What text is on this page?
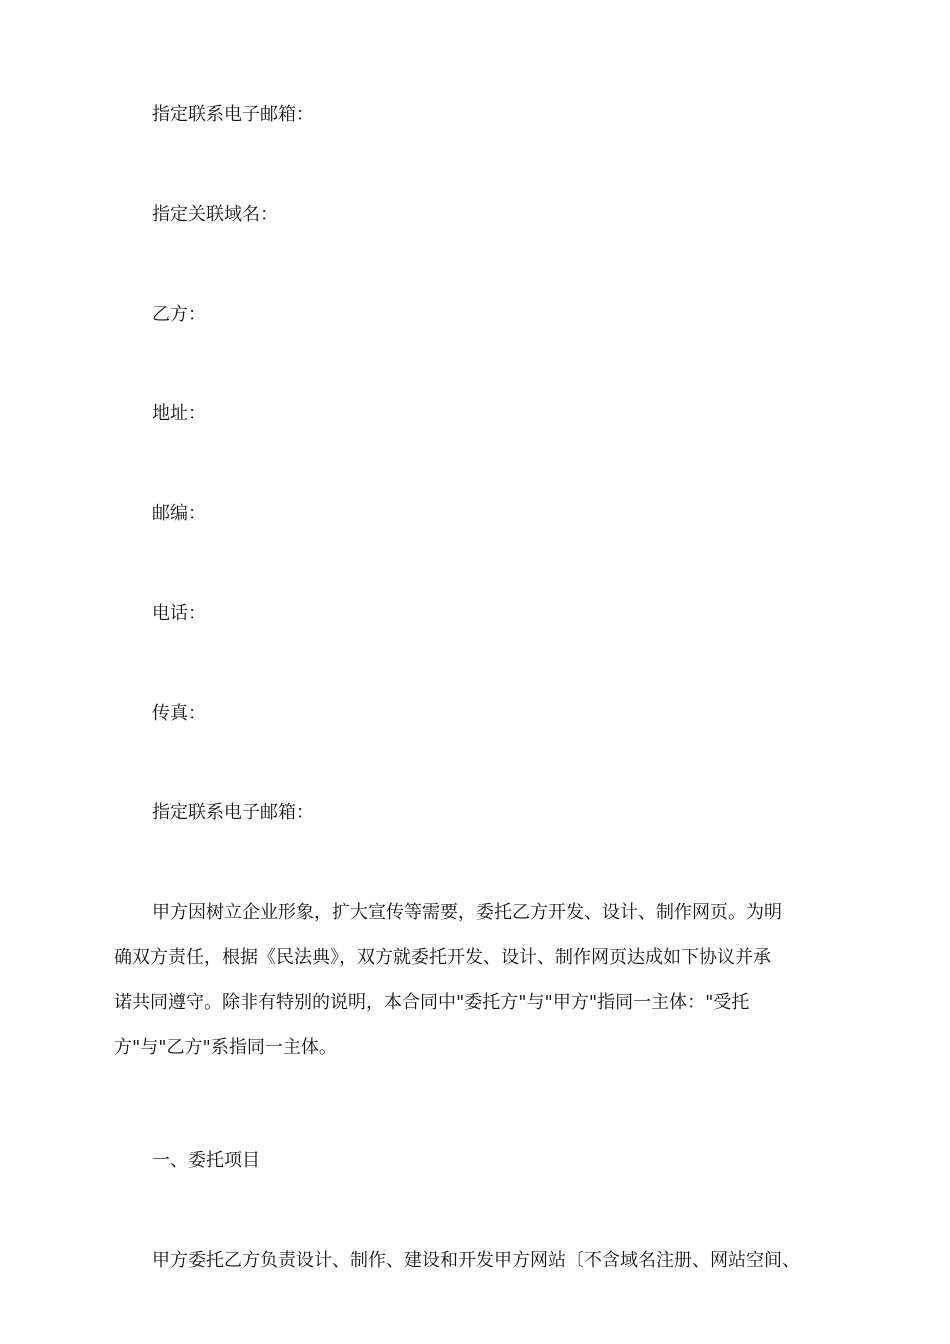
指定联系电子邮箱：

指定关联域名：

乙方：

地址：

邮编：

电话：

传真：

指定联系电子邮箱：

甲方因树立企业形象，扩大宣传等需要，委托乙方开发、设计、制作网页。为明
确双方责任，根据《民法典》，双方就委托开发、设计、制作网页达成如下协议并承
诺共同遵守。除非有特别的说明，本合同中"委托方"与"甲方"指同一主体："受托
方"与"乙方"系指同一主体。

一、委托项目

甲方委托乙方负责设计、制作、建设和开发甲方网站〔不含域名注册、网站空间、
